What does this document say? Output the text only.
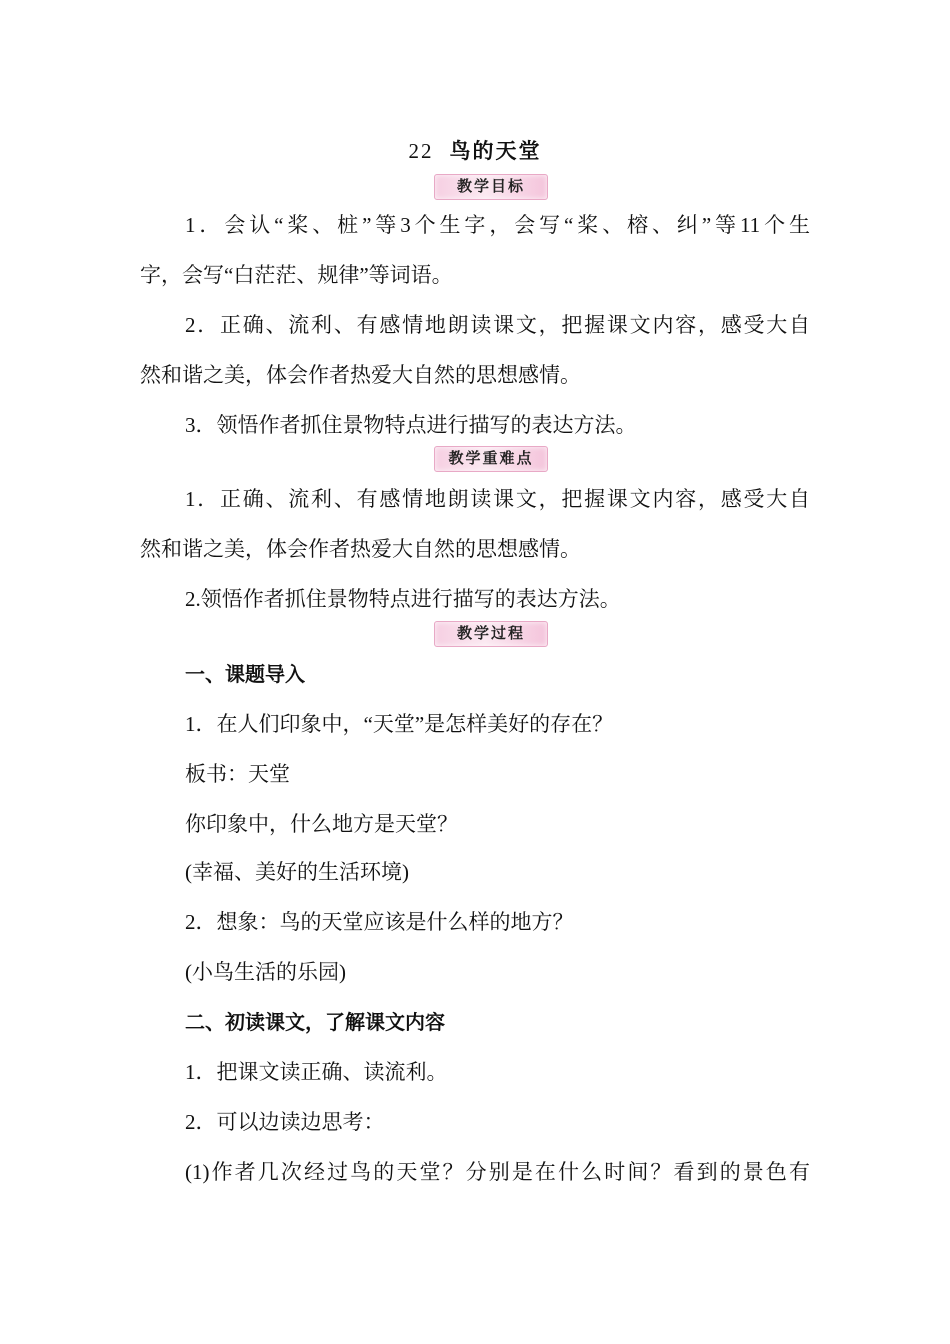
22 鸟的天堂
教学目标
1．会认“桨、桩”等3个生字，会写“桨、榕、纠”等11个生
字，会写“白茫茫、规律”等词语。
2．正确、流利、有感情地朗读课文，把握课文内容，感受大自
然和谐之美，体会作者热爱大自然的思想感情。
3．领悟作者抓住景物特点进行描写的表达方法。
教学重难点
1．正确、流利、有感情地朗读课文，把握课文内容，感受大自
然和谐之美，体会作者热爱大自然的思想感情。
2.领悟作者抓住景物特点进行描写的表达方法。
教学过程
一、课题导入
1．在人们印象中，“天堂”是怎样美好的存在？
板书：天堂
你印象中，什么地方是天堂？
(幸福、美好的生活环境)
2．想象：鸟的天堂应该是什么样的地方？
(小鸟生活的乐园)
二、初读课文，了解课文内容
1．把课文读正确、读流利。
2．可以边读边思考：
(1)作者几次经过鸟的天堂？分别是在什么时间？看到的景色有
